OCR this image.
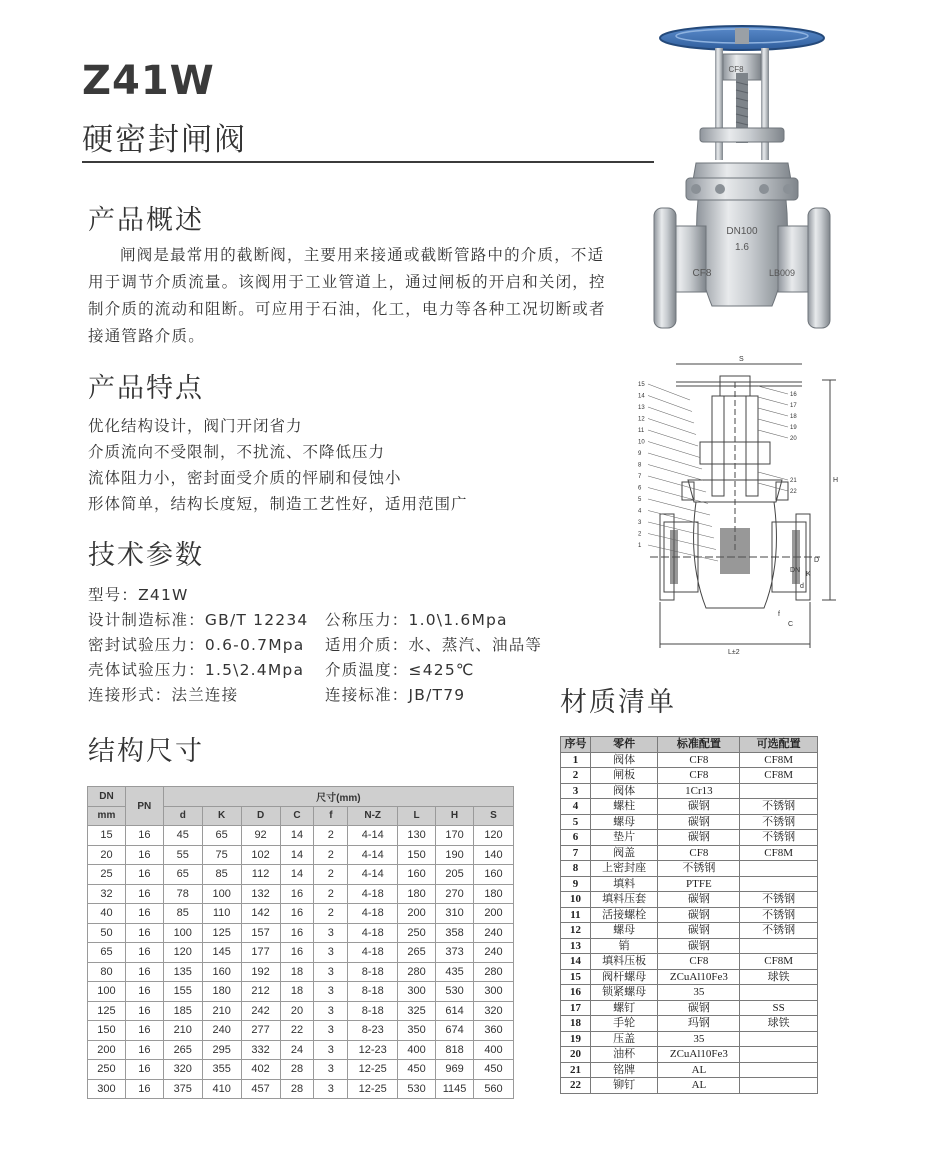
Z41W
硬密封闸阀
产品概述
闸阀是最常用的截断阀，主要用来接通或截断管路中的介质，不适
用于调节介质流量。该阀用于工业管道上，通过闸板的开启和关闭，控
制介质的流动和阻断。可应用于石油，化工，电力等各种工况切断或者
接通管路介质。
产品特点
优化结构设计，阀门开闭省力
介质流向不受限制，不扰流、不降低压力
流体阻力小，密封面受介质的怦刷和侵蚀小
形体简单，结构长度短，制造工艺性好，适用范围广
技术参数
型号：Z41W
设计制造标准：GB/T 12234
密封试验压力：0.6-0.7Mpa
壳体试验压力：1.5\2.4Mpa
连接形式：法兰连接
公称压力：1.0\1.6Mpa
适用介质：水、蒸汽、油品等
介质温度：≤425℃
连接标准：JB/T79
结构尺寸
DN	PN	尺寸(mm)								
mm		d	K	D	C	f	N-Z	L	H	S
15	16	45	65	92	14	2	4-14	130	170	120
20	16	55	75	102	14	2	4-14	150	190	140
25	16	65	85	112	14	2	4-14	160	205	160
32	16	78	100	132	16	2	4-18	180	270	180
40	16	85	110	142	16	2	4-18	200	310	200
50	16	100	125	157	16	3	4-18	250	358	240
65	16	120	145	177	16	3	4-18	265	373	240
80	16	135	160	192	18	3	8-18	280	435	280
100	16	155	180	212	18	3	8-18	300	530	300
125	16	185	210	242	20	3	8-18	325	614	320
150	16	210	240	277	22	3	8-23	350	674	360
200	16	265	295	332	24	3	12-23	400	818	400
250	16	320	355	402	28	3	12-25	450	969	450
300	16	375	410	457	28	3	12-25	530	1145	560
CF8
DN100
1.6
CF8	LB009
15
14
13
12
11
10
9
8
7
6
5
4
3
2
1
16
17
18
19
20
21
22
S
H
L±2
D
K
d
DN
f
C
材质清单
序号	零件	标准配置	可选配置
1	阀体	CF8	CF8M
2	闸板	CF8	CF8M
3	阀体	1Cr13	
4	螺柱	碳钢	不锈钢
5	螺母	碳钢	不锈钢
6	垫片	碳钢	不锈钢
7	阀盖	CF8	CF8M
8	上密封座	不锈钢	
9	填料	PTFE	
10	填料压套	碳钢	不锈钢
11	活接螺栓	碳钢	不锈钢
12	螺母	碳钢	不锈钢
13	销	碳钢	
14	填料压板	CF8	CF8M
15	阀杆螺母	ZCuAl10Fe3	球铁
16	锁紧螺母	35	
17	螺钉	碳钢	SS
18	手轮	玛钢	球铁
19	压盖	35	
20	油杯	ZCuAl10Fe3	
21	铭牌	AL	
22	铆钉	AL	
